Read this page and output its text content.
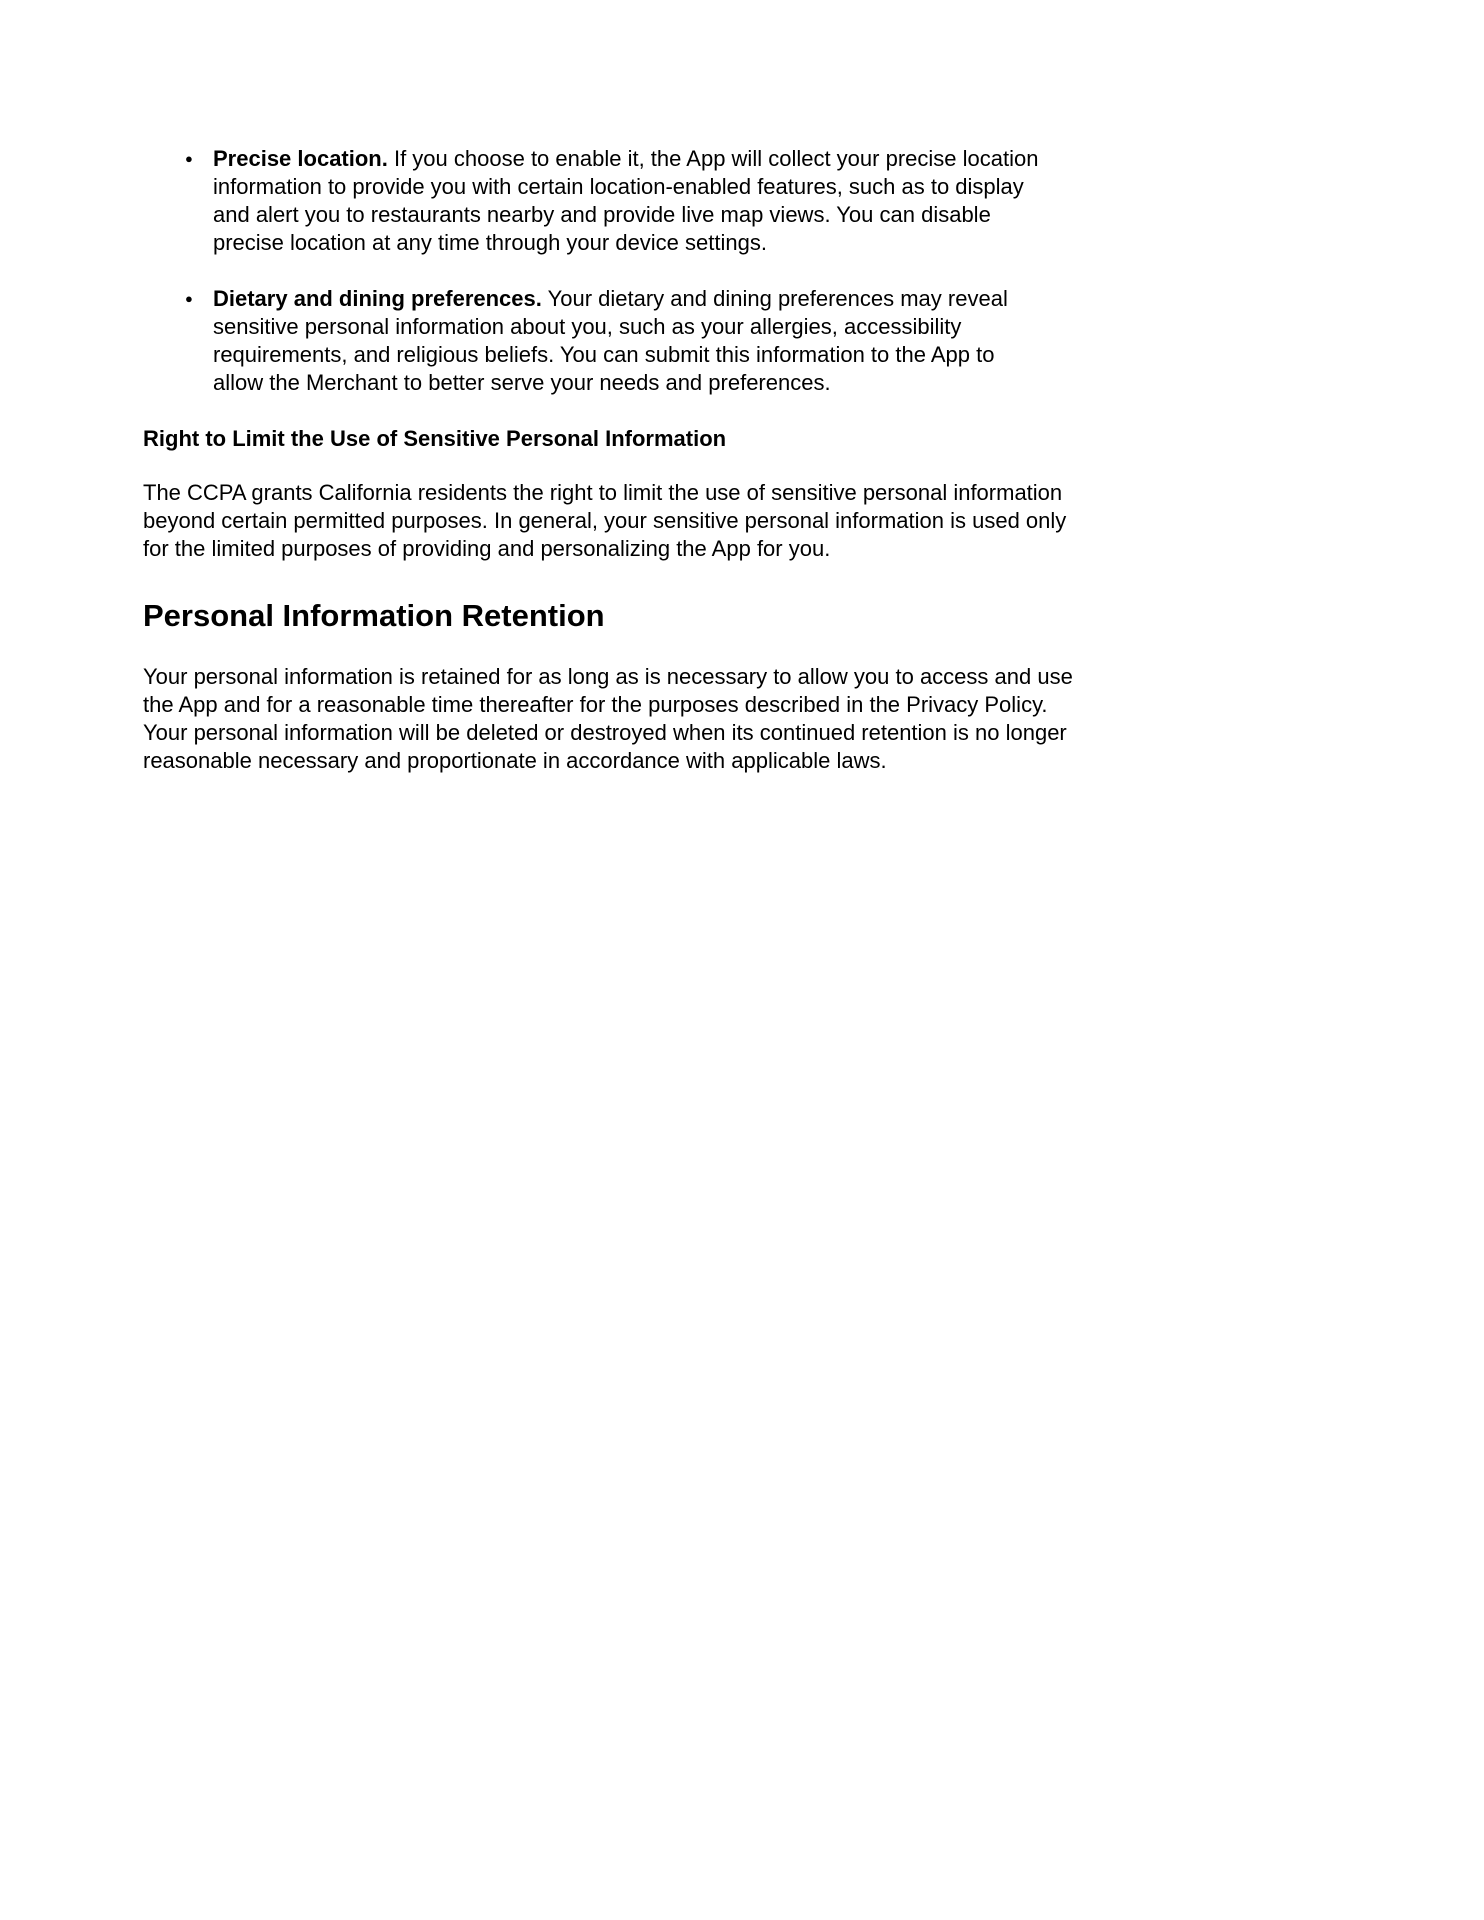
● Precise location. If you choose to enable it, the App will collect your precise location information to provide you with certain location-enabled features, such as to display and alert you to restaurants nearby and provide live map views. You can disable precise location at any time through your device settings.
● Dietary and dining preferences. Your dietary and dining preferences may reveal sensitive personal information about you, such as your allergies, accessibility requirements, and religious beliefs. You can submit this information to the App to allow the Merchant to better serve your needs and preferences.
Right to Limit the Use of Sensitive Personal Information

The CCPA grants California residents the right to limit the use of sensitive personal information beyond certain permitted purposes. In general, your sensitive personal information is used only for the limited purposes of providing and personalizing the App for you.

Personal Information Retention

Your personal information is retained for as long as is necessary to allow you to access and use the App and for a reasonable time thereafter for the purposes described in the Privacy Policy. Your personal information will be deleted or destroyed when its continued retention is no longer reasonable necessary and proportionate in accordance with applicable laws.
